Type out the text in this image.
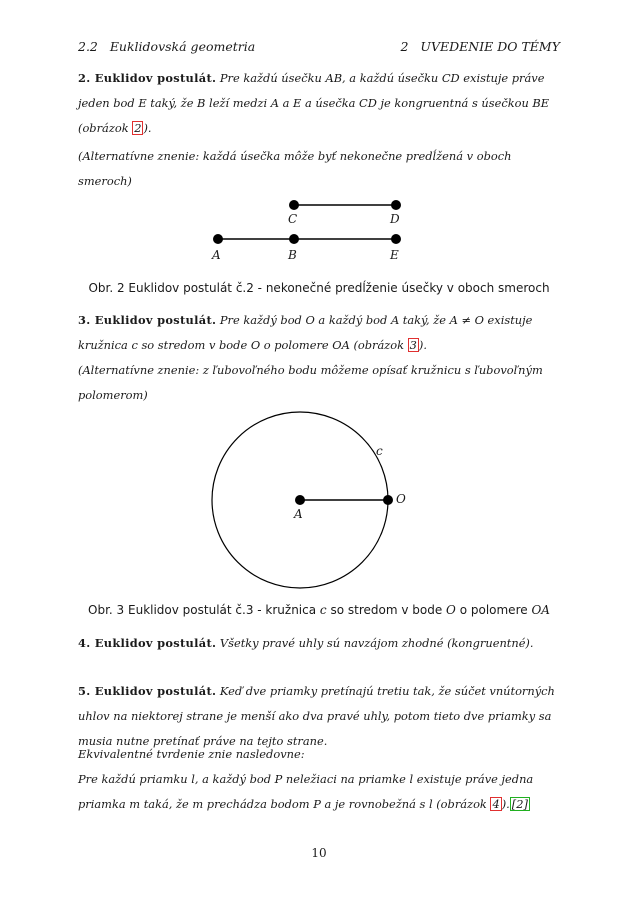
2.2 Euklidovská geometria	2 UVEDENIE DO TÉMY

2. Euklidov postulát. Pre každú úsečku AB, a každú úsečku CD existuje práve jeden bod E taký, že B leží medzi A a E a úsečka CD je kongruentná s úsečkou BE (obrázok 2 ).

(Alternatívne znenie: každá úsečka môže byť nekonečne predĺžená v oboch smeroch)

C	D
A	B	E
Obr. 2 Euklidov postulát č.2 - nekonečné predĺženie úsečky v oboch smeroch

3. Euklidov postulát. Pre každý bod O a každý bod A taký, že A ≠ O existuje kružnica c so stredom v bode O o polomere OA (obrázok 3 ).

(Alternatívne znenie: z ľubovoľného bodu môžeme opísať kružnicu s ľubovoľným polomerom)

c
A
O
Obr. 3 Euklidov postulát č.3 - kružnica c so stredom v bode O o polomere OA

4. Euklidov postulát. Všetky pravé uhly sú navzájom zhodné (kongruentné).

5. Euklidov postulát. Keď dve priamky pretínajú tretiu tak, že súčet vnútorných uhlov na niektorej strane je menší ako dva pravé uhly, potom tieto dve priamky sa musia nutne pretínať práve na tejto strane.

Ekvivalentné tvrdenie znie nasledovne:

Pre každú priamku l, a každý bod P neležiaci na priamke l existuje práve jedna priamka m taká, že m prechádza bodom P a je rovnobežná s l (obrázok 4 ). [2]

10
